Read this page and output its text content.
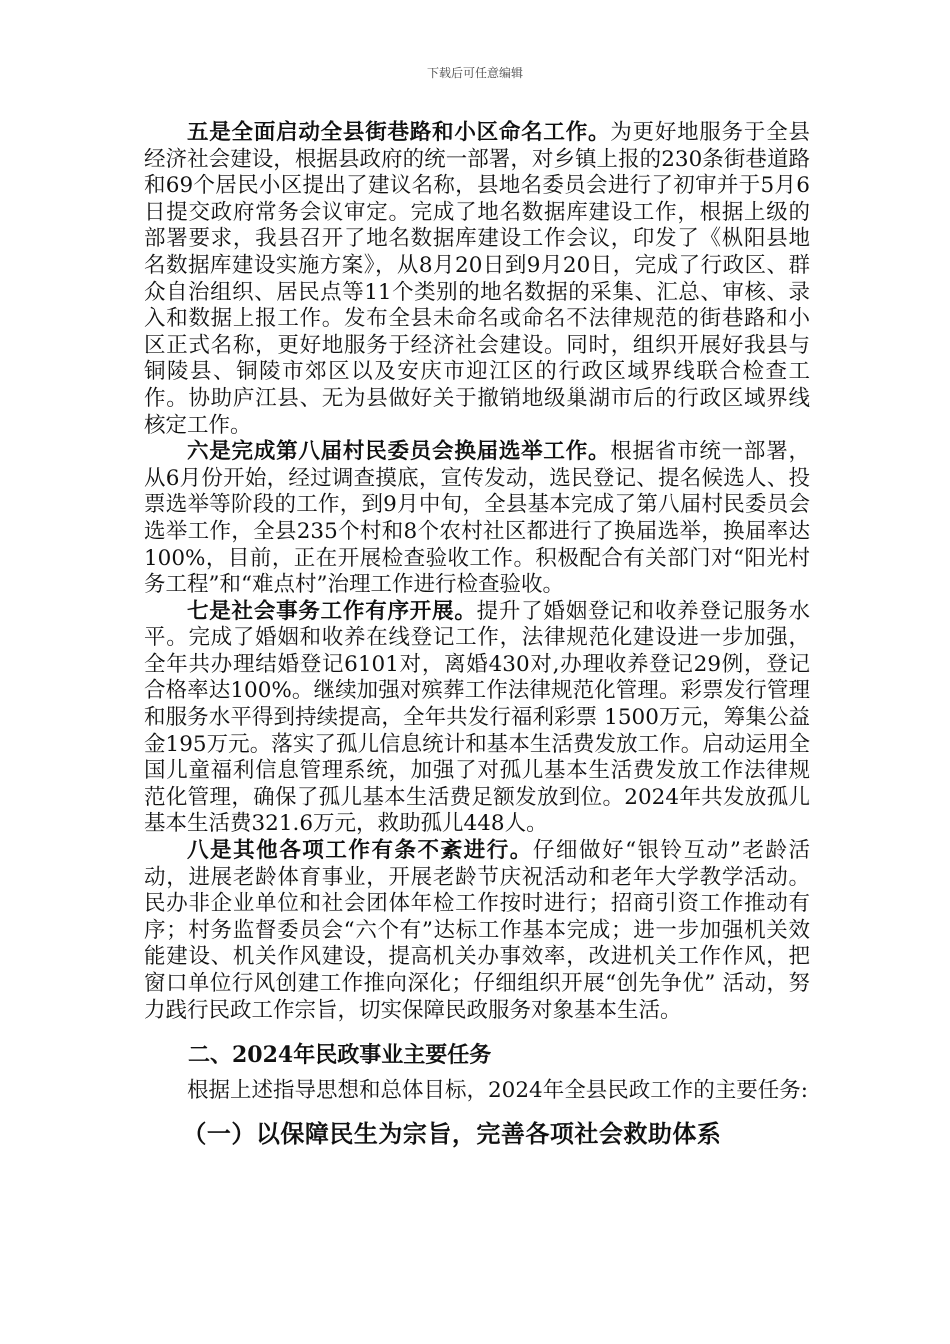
下载后可任意编辑

五是全面启动全县街巷路和小区命名工作。为更好地服务于全县经济社会建设，根据县政府的统一部署，对乡镇上报的230条街巷道路和69个居民小区提出了建议名称，县地名委员会进行了初审并于5月6日提交政府常务会议审定。完成了地名数据库建设工作，根据上级的部署要求，我县召开了地名数据库建设工作会议，印发了《枞阳县地名数据库建设实施方案》，从8月20日到9月20日，完成了行政区、群众自治组织、居民点等11个类别的地名数据的采集、汇总、审核、录入和数据上报工作。发布全县未命名或命名不法律规范的街巷路和小区正式名称，更好地服务于经济社会建设。同时，组织开展好我县与铜陵县、铜陵市郊区以及安庆市迎江区的行政区域界线联合检查工作。协助庐江县、无为县做好关于撤销地级巢湖市后的行政区域界线核定工作。

六是完成第八届村民委员会换届选举工作。根据省市统一部署，从6月份开始，经过调查摸底，宣传发动，选民登记、提名候选人、投票选举等阶段的工作，到9月中旬，全县基本完成了第八届村民委员会选举工作，全县235个村和8个农村社区都进行了换届选举，换届率达100%，目前，正在开展检查验收工作。积极配合有关部门对“阳光村务工程”和“难点村”治理工作进行检查验收。

七是社会事务工作有序开展。提升了婚姻登记和收养登记服务水平。完成了婚姻和收养在线登记工作，法律规范化建设进一步加强，全年共办理结婚登记6101对，离婚430对,办理收养登记29例，登记合格率达100%。继续加强对殡葬工作法律规范化管理。彩票发行管理和服务水平得到持续提高，全年共发行福利彩票 1500万元，筹集公益金195万元。落实了孤儿信息统计和基本生活费发放工作。启动运用全国儿童福利信息管理系统，加强了对孤儿基本生活费发放工作法律规范化管理，确保了孤儿基本生活费足额发放到位。2024年共发放孤儿基本生活费321.6万元，救助孤儿448人。

八是其他各项工作有条不紊进行。仔细做好“银铃互动”老龄活动，进展老龄体育事业，开展老龄节庆祝活动和老年大学教学活动。民办非企业单位和社会团体年检工作按时进行；招商引资工作推动有序；村务监督委员会“六个有”达标工作基本完成；进一步加强机关效能建设、机关作风建设，提高机关办事效率，改进机关工作作风，把窗口单位行风创建工作推向深化；仔细组织开展“创先争优” 活动，努力践行民政工作宗旨，切实保障民政服务对象基本生活。

二、2024年民政事业主要任务

根据上述指导思想和总体目标，2024年全县民政工作的主要任务:

（一）以保障民生为宗旨，完善各项社会救助体系
